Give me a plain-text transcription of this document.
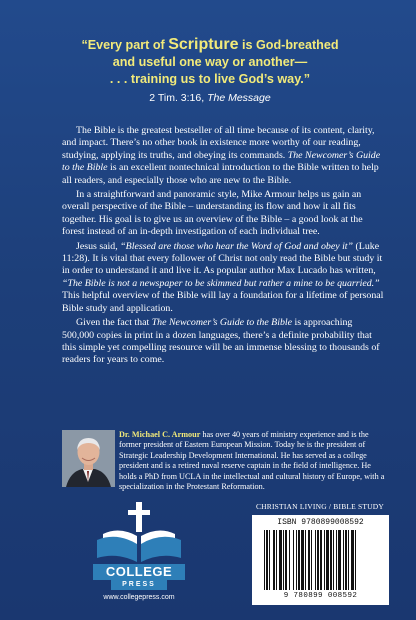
“Every part of Scripture is God-breathed
and useful one way or another—
. . . training us to live God’s way.”
2 Tim. 3:16, The Message

The Bible is the greatest bestseller of all time because of its content, clarity, and impact. There’s no other book in existence more worthy of our reading, studying, applying its truths, and obeying its commands. The Newcomer’s Guide to the Bible is an excellent nontechnical introduction to the Bible written to help all readers, and especially those who are new to the Bible.

In a straightforward and panoramic style, Mike Armour helps us gain an overall perspective of the Bible – understanding its flow and how it all fits together. His goal is to give us an overview of the Bible – a good look at the forest instead of an in-depth investigation of each individual tree.

Jesus said, “Blessed are those who hear the Word of God and obey it” (Luke 11:28). It is vital that every follower of Christ not only read the Bible but study it in order to understand it and live it. As popular author Max Lucado has written, “The Bible is not a newspaper to be skimmed but rather a mine to be quarried.” This helpful overview of the Bible will lay a foundation for a lifetime of personal Bible study and application.

Given the fact that The Newcomer’s Guide to the Bible is approaching 500,000 copies in print in a dozen languages, there’s a definite probability that this simple yet compelling resource will be an immense blessing to thousands of readers for years to come.

Dr. Michael C. Armour has over 40 years of ministry experience and is the former president of Eastern European Mission. Today he is the president of Strategic Leadership Development International. He has served as a college president and is a retired naval reserve captain in the field of intelligence. He holds a PhD from UCLA in the intellectual and cultural history of Europe, with a specialization in the Protestant Reformation.
COLLEGE
PRESS
www.collegepress.com
CHRISTIAN LIVING / BIBLE STUDY
ISBN 9780899008592
9 780899 008592
